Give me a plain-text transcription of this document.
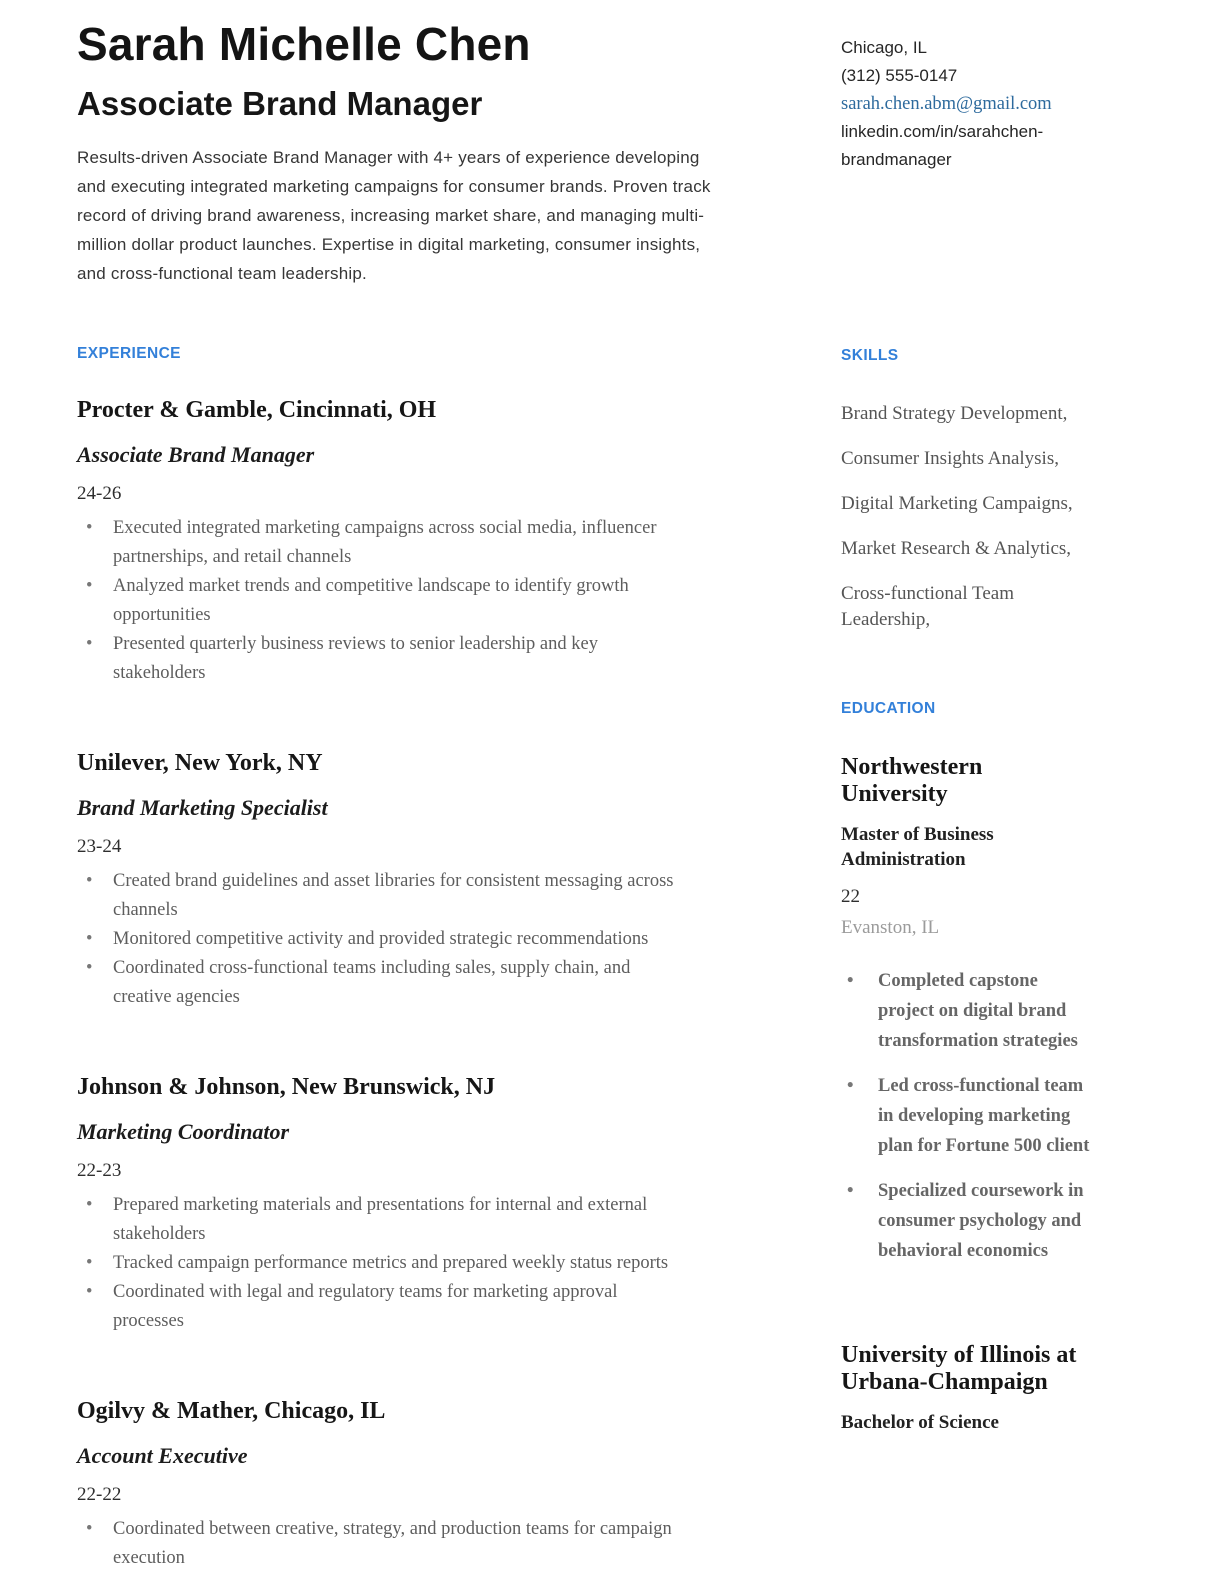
Sarah Michelle Chen
Associate Brand Manager

Results-driven Associate Brand Manager with 4+ years of experience developing and executing integrated marketing campaigns for consumer brands. Proven track record of driving brand awareness, increasing market share, and managing multi-million dollar product launches. Expertise in digital marketing, consumer insights, and cross-functional team leadership.

EXPERIENCE
Procter & Gamble, Cincinnati, OH
Associate Brand Manager
24-26
• Executed integrated marketing campaigns across social media, influencer partnerships, and retail channels
• Analyzed market trends and competitive landscape to identify growth opportunities
• Presented quarterly business reviews to senior leadership and key stakeholders
Unilever, New York, NY
Brand Marketing Specialist
23-24
• Created brand guidelines and asset libraries for consistent messaging across channels
• Monitored competitive activity and provided strategic recommendations
• Coordinated cross-functional teams including sales, supply chain, and creative agencies
Johnson & Johnson, New Brunswick, NJ
Marketing Coordinator
22-23
• Prepared marketing materials and presentations for internal and external stakeholders
• Tracked campaign performance metrics and prepared weekly status reports
• Coordinated with legal and regulatory teams for marketing approval processes
Ogilvy & Mather, Chicago, IL
Account Executive
22-22
• Coordinated between creative, strategy, and production teams for campaign execution
Chicago, IL
(312) 555-0147
sarah.chen.abm@gmail.com
linkedin.com/in/sarahchen-brandmanager
SKILLS
Brand Strategy Development,
Consumer Insights Analysis,
Digital Marketing Campaigns,
Market Research & Analytics,
Cross-functional Team Leadership,
EDUCATION
Northwestern University
Master of Business Administration
22
Evanston, IL
• Completed capstone project on digital brand transformation strategies
• Led cross-functional team in developing marketing plan for Fortune 500 client
• Specialized coursework in consumer psychology and behavioral economics
University of Illinois at Urbana-Champaign
Bachelor of Science
